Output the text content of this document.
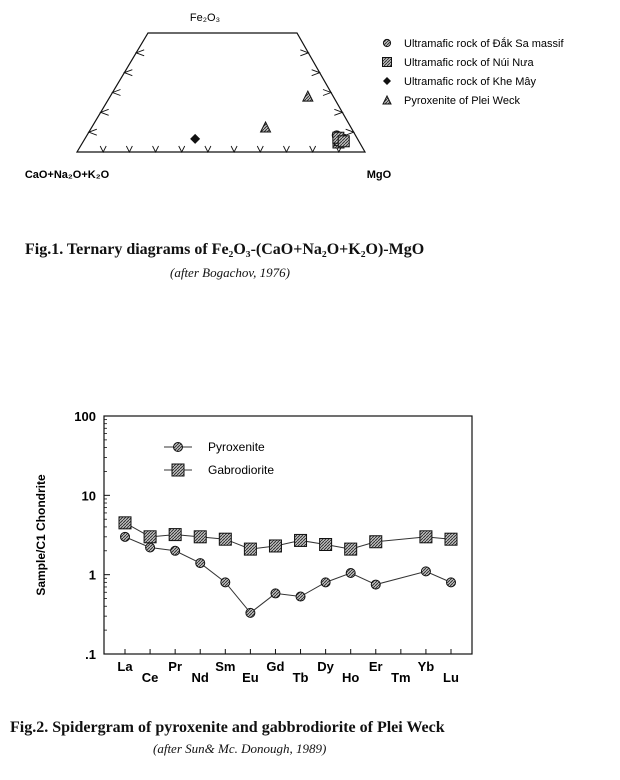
Fe₂O₃
CaO+Na₂O+K₂O	MgO
Ultramafic rock of Đắk Sa massif
Ultramafic rock of Núi Nưa
Ultramafic rock of Khe Mây
Pyroxenite of Plei Weck
Fig.1. Ternary diagrams of Fe₂O₃-(CaO+Na₂O+K₂O)-MgO
(after Bogachov, 1976)
Sample/C1 Chondrite
100
10
1
.1
La
Ce
Pr
Nd
Sm
Eu
Gd
Tb
Dy
Ho
Er
Tm
Yb
Lu
Pyroxenite
Gabrodiorite
Fig.2. Spidergram of pyroxenite and gabbrodiorite of Plei Weck
(after Sun& Mc. Donough, 1989)
